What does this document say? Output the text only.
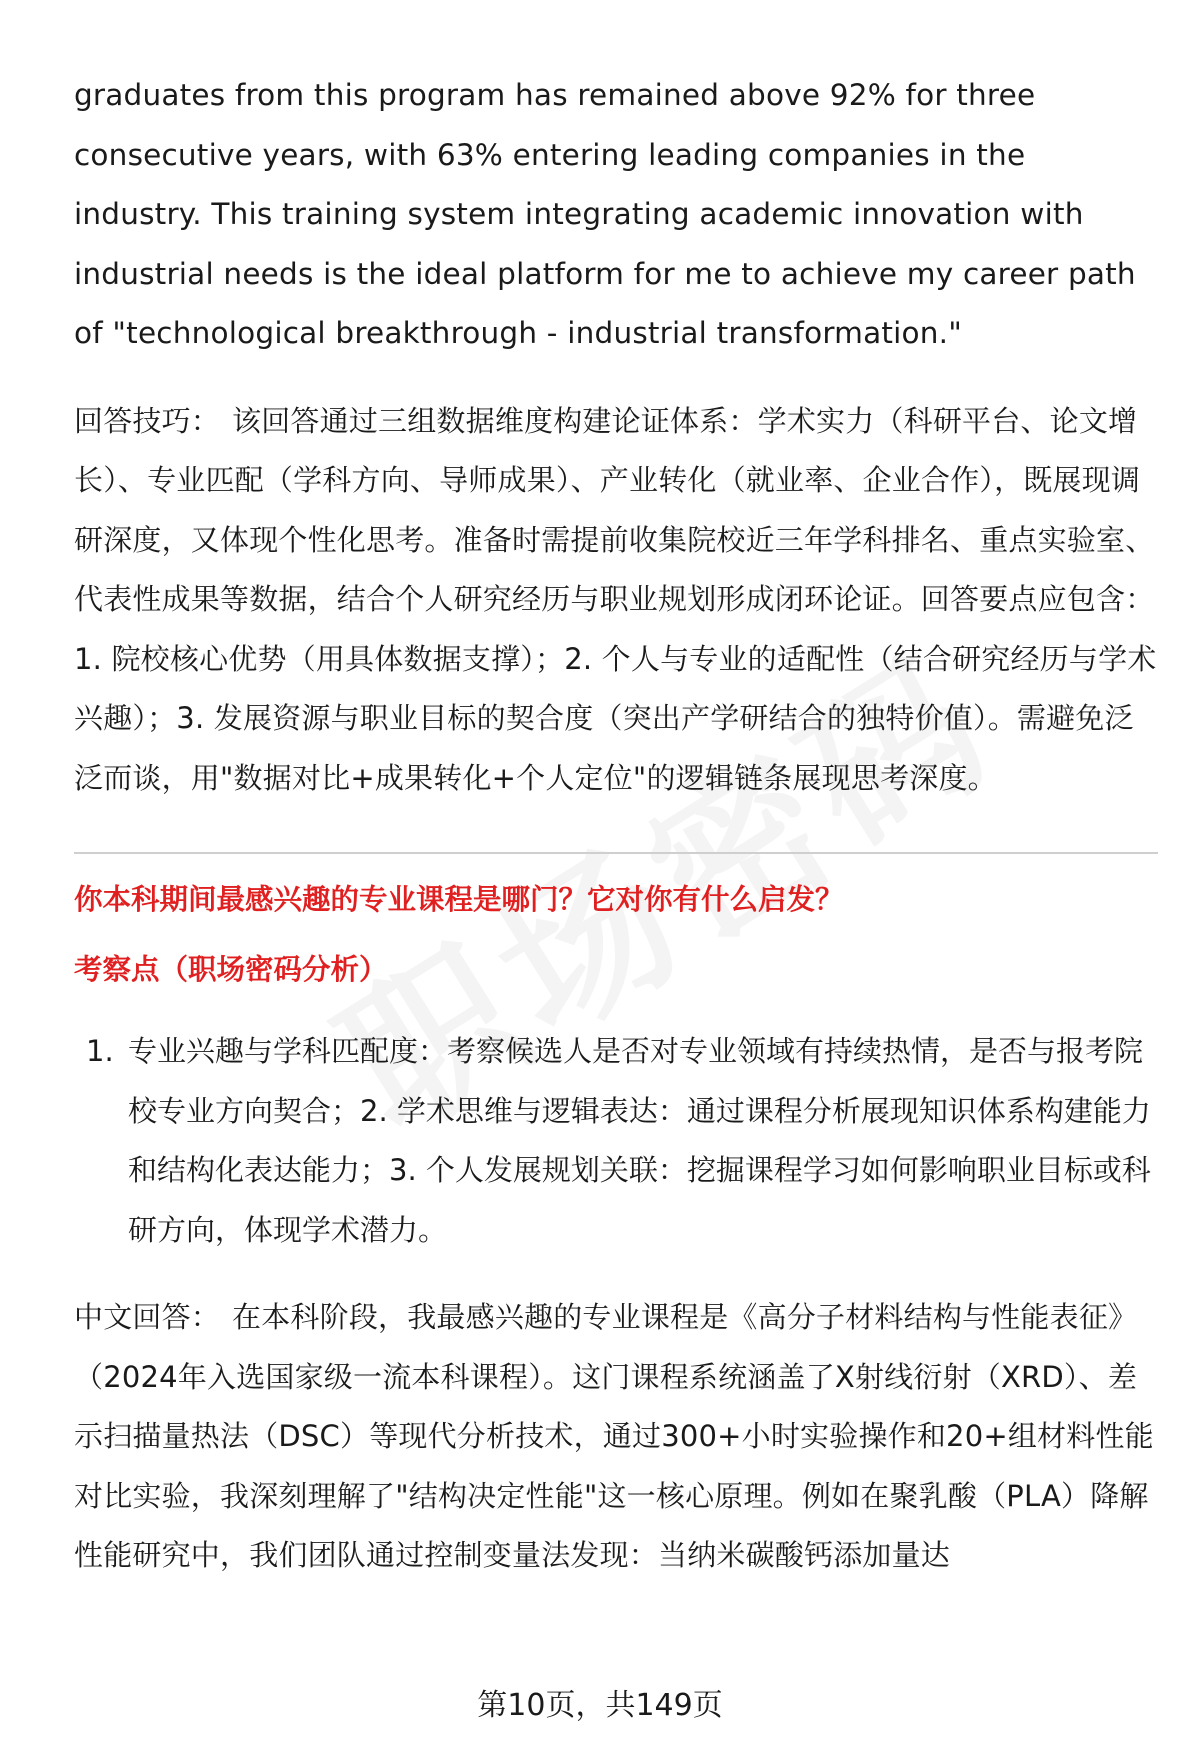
graduates from this program has remained above 92% for three consecutive years, with 63% entering leading companies in the industry. This training system integrating academic innovation with industrial needs is the ideal platform for me to achieve my career path of "technological breakthrough - industrial transformation."

回答技巧： 该回答通过三组数据维度构建论证体系：学术实力（科研平台、论文增长）、专业匹配（学科方向、导师成果）、产业转化（就业率、企业合作），既展现调研深度，又体现个性化思考。准备时需提前收集院校近三年学科排名、重点实验室、代表性成果等数据，结合个人研究经历与职业规划形成闭环论证。回答要点应包含：1. 院校核心优势（用具体数据支撑）；2. 个人与专业的适配性（结合研究经历与学术兴趣）；3. 发展资源与职业目标的契合度（突出产学研结合的独特价值）。需避免泛泛而谈，用"数据对比+成果转化+个人定位"的逻辑链条展现思考深度。

你本科期间最感兴趣的专业课程是哪门？它对你有什么启发？
考察点（职场密码分析）
1. 专业兴趣与学科匹配度：考察候选人是否对专业领域有持续热情，是否与报考院校专业方向契合；2. 学术思维与逻辑表达：通过课程分析展现知识体系构建能力和结构化表达能力；3. 个人发展规划关联：挖掘课程学习如何影响职业目标或科研方向，体现学术潜力。

中文回答： 在本科阶段，我最感兴趣的专业课程是《高分子材料结构与性能表征》（2024年入选国家级一流本科课程）。这门课程系统涵盖了X射线衍射（XRD）、差示扫描量热法（DSC）等现代分析技术，通过300+小时实验操作和20+组材料性能对比实验，我深刻理解了"结构决定性能"这一核心原理。例如在聚乳酸（PLA）降解性能研究中，我们团队通过控制变量法发现：当纳米碳酸钙添加量达

第10页，共149页
